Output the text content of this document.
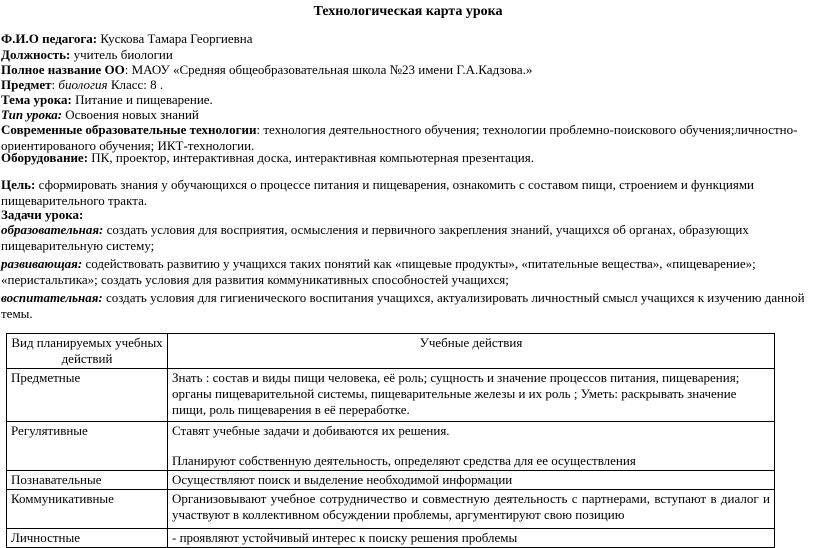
Технологическая карта урока
Ф.И.О педагога: Кускова Тамара Георгиевна
Должность: учитель биологии
Полное название ОО: МАОУ «Средняя общеобразовательная школа №23 имени Г.А.Кадзова.»
Предмет: биология Класс: 8 .
Тема урока: Питание и пищеварение.
Тип урока: Освоения новых знаний
Современные образовательные технологии: технология деятельностного обучения; технологии проблемно-поискового обучения;личностно-ориентированого обучения; ИКТ-технологии.
Оборудование: ПК, проектор, интерактивная доска, интерактивная компьютерная презентация.
Цель: сформировать знания у обучающихся о процессе питания и пищеварения, ознакомить с составом пищи, строением и функциями пищеварительного тракта.
Задачи урока:
образовательная: создать условия для восприятия, осмысления и первичного закрепления знаний, учащихся об органах, образующих пищеварительную систему;
развивающая: содействовать развитию у учащихся таких понятий как «пищевые продукты», «питательные вещества», «пищеварение»; «перистальтика»; создать условия для развития коммуникативных способностей учащихся;
воспитательная: создать условия для гигиенического воспитания учащихся, актуализировать личностный смысл учащихся к изучению данной темы.
Вид планируемых учебных действий	Учебные действия
Предметные	Знать : состав и виды пищи человека, её роль; сущность и значение процессов питания, пищеварения; органы пищеварительной системы, пищеварительные железы и их роль ; Уметь: раскрывать значение пищи, роль пищеварения в её переработке.
Регулятивные	Ставят учебные задачи и добиваются их решения.
Планируют собственную деятельность, определяют средства для ее осуществления

Познавательные	Осуществляют поиск и выделение необходимой информации
Коммуникативные	Организовывают учебное сотрудничество и совместную деятельность с партнерами, вступают в диалог и участвуют в коллективном обсуждении проблемы, аргументируют свою позицию
Личностные	- проявляют устойчивый интерес к поиску решения проблемы
